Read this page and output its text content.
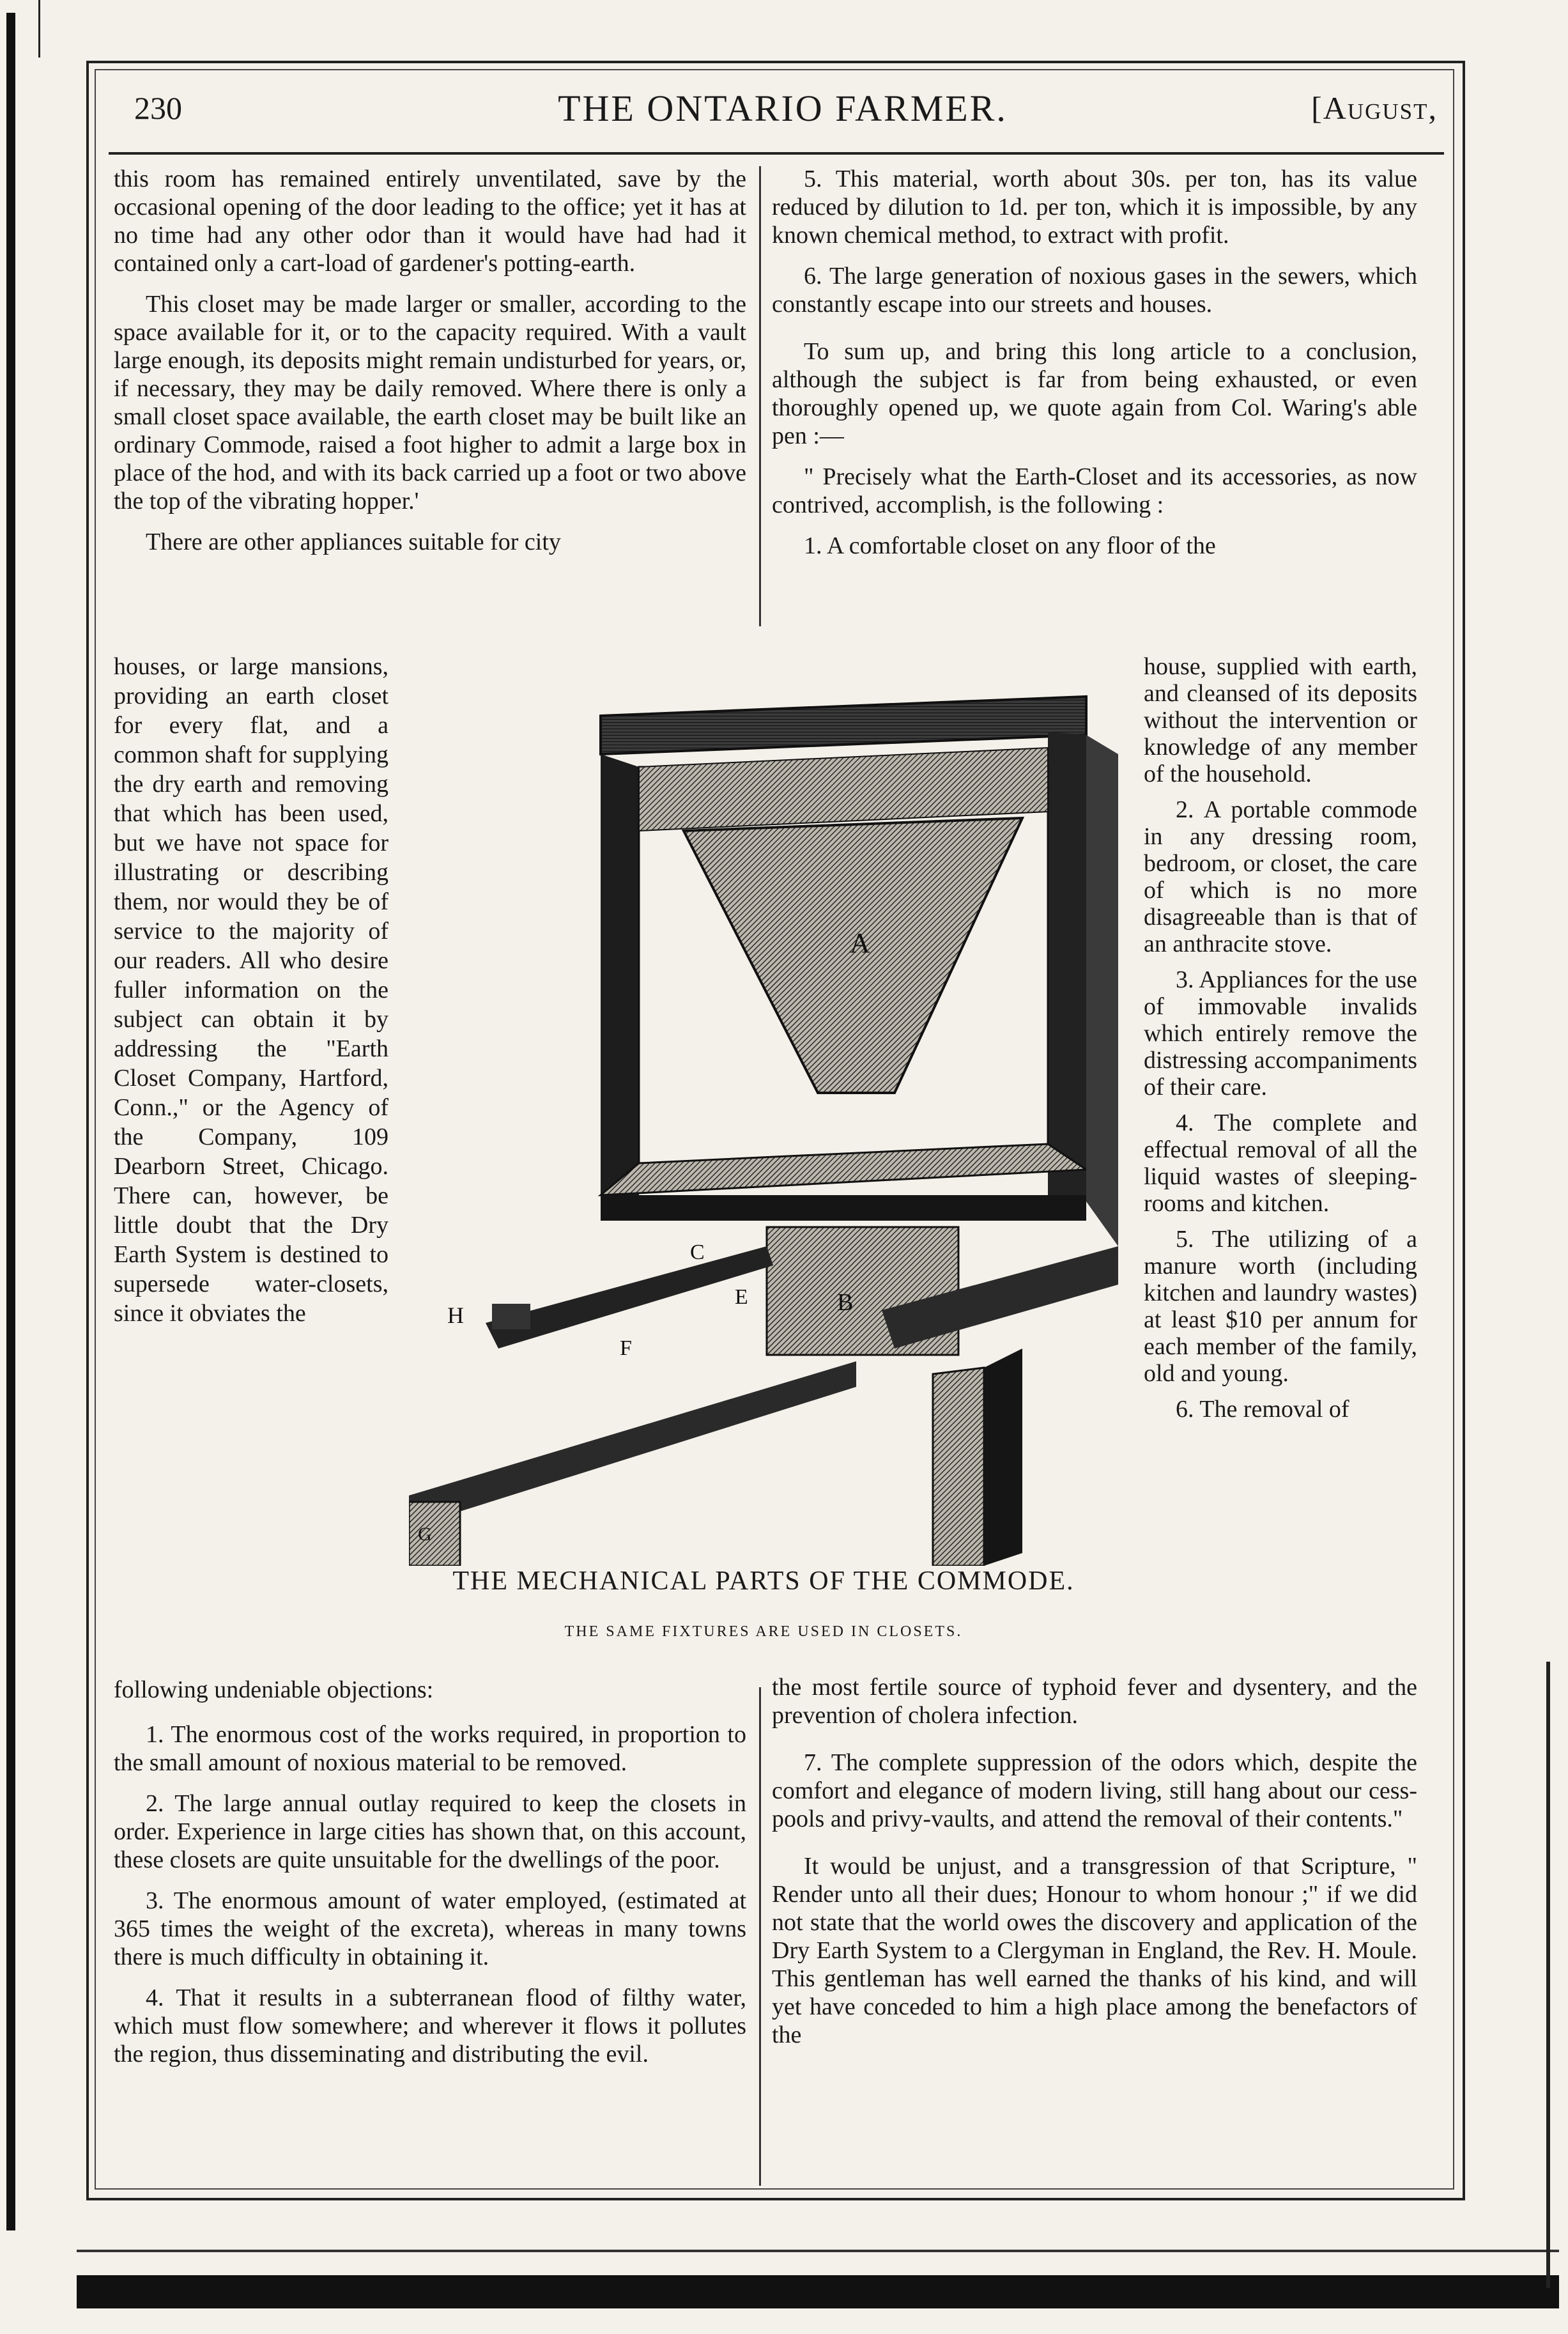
230	THE ONTARIO FARMER.	[August,

this room has remained entirely unventilated, save by the occasional opening of the door leading to the office; yet it has at no time had any other odor than it would have had had it contained only a cart-load of gardener's potting-earth.

This closet may be made larger or smaller, according to the space available for it, or to the capacity required. With a vault large enough, its deposits might remain undisturbed for years, or, if necessary, they may be daily removed. Where there is only a small closet space available, the earth closet may be built like an ordinary Commode, raised a foot higher to admit a large box in place of the hod, and with its back carried up a foot or two above the top of the vibrating hopper.'

There are other appliances suitable for city

houses, or large mansions, providing an earth closet for every flat, and a common shaft for supplying the dry earth and removing that which has been used, but we have not space for illustrating or describing them, nor would they be of service to the majority of our readers. All who desire fuller information on the subject can obtain it by addressing the "Earth Closet Company, Hartford, Conn.," or the Agency of the Company, 109 Dearborn Street, Chicago. There can, however, be little doubt that the Dry Earth System is destined to supersede water-closets, since it obviates the

following undeniable objections:

1. The enormous cost of the works required, in proportion to the small amount of noxious material to be removed.

2. The large annual outlay required to keep the closets in order. Experience in large cities has shown that, on this account, these closets are quite unsuitable for the dwellings of the poor.

3. The enormous amount of water employed, (estimated at 365 times the weight of the excreta), whereas in many towns there is much difficulty in obtaining it.

4. That it results in a subterranean flood of filthy water, which must flow somewhere; and wherever it flows it pollutes the region, thus disseminating and distributing the evil.

5. This material, worth about 30s. per ton, has its value reduced by dilution to 1d. per ton, which it is impossible, by any known chemical method, to extract with profit.

6. The large generation of noxious gases in the sewers, which constantly escape into our streets and houses.

To sum up, and bring this long article to a conclusion, although the subject is far from being exhausted, or even thoroughly opened up, we quote again from Col. Waring's able pen :—

" Precisely what the Earth-Closet and its accessories, as now contrived, accomplish, is the following :

1. A comfortable closet on any floor of the

house, supplied with earth, and cleansed of its deposits without the intervention or knowledge of any member of the household.

2. A portable commode in any dressing room, bedroom, or closet, the care of which is no more disagreeable than is that of an anthracite stove.

3. Appliances for the use of immovable invalids which entirely remove the distressing accompaniments of their care.

4. The complete and effectual removal of all the liquid wastes of sleeping-rooms and kitchen.

5. The utilizing of a manure worth (including kitchen and laundry wastes) at least $10 per annum for each member of the family, old and young.

6. The removal of

the most fertile source of typhoid fever and dysentery, and the prevention of cholera infection.

7. The complete suppression of the odors which, despite the comfort and elegance of modern living, still hang about our cess-pools and privy-vaults, and attend the removal of their contents."

It would be unjust, and a transgression of that Scripture, " Render unto all their dues; Honour to whom honour ;" if we did not state that the world owes the discovery and application of the Dry Earth System to a Clergyman in England, the Rev. H. Moule. This gentleman has well earned the thanks of his kind, and will yet have conceded to him a high place among the benefactors of the

A
B
C
E
F
H
G
THE MECHANICAL PARTS OF THE COMMODE.
THE SAME FIXTURES ARE USED IN CLOSETS.
